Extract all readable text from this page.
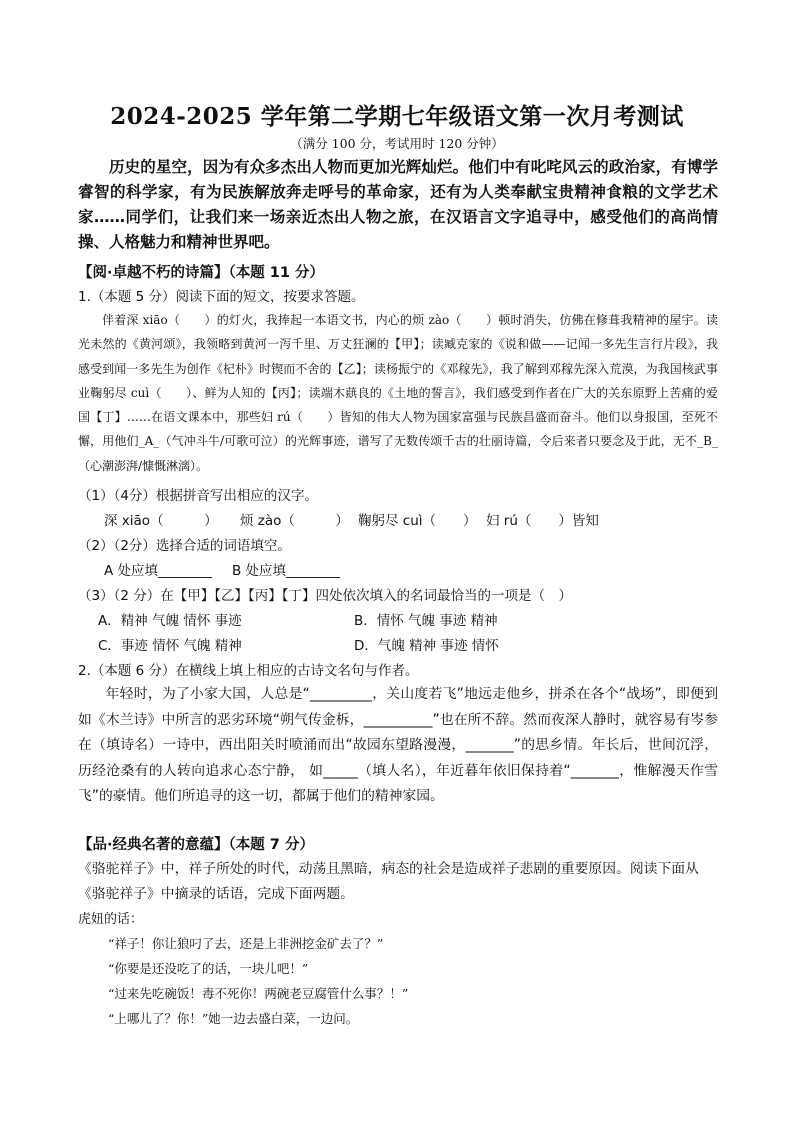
2024-2025 学年第二学期七年级语文第一次月考测试
（满分 100 分，考试用时 120 分钟）
历史的星空，因为有众多杰出人物而更加光辉灿烂。他们中有叱咤风云的政治家，有博学睿智的科学家，有为民族解放奔走呼号的革命家，还有为人类奉献宝贵精神食粮的文学艺术家……同学们，让我们来一场亲近杰出人物之旅，在汉语言文字追寻中，感受他们的高尚情操、人格魅力和精神世界吧。
【阅·卓越不朽的诗篇】（本题 11 分）
1.（本题 5 分）阅读下面的短文，按要求答题。
伴着深 xiāo（　　）的灯火，我捧起一本语文书，内心的烦 zào（　　）顿时消失，仿佛在修葺我精神的屋宇。读光未然的《黄河颂》，我领略到黄河一泻千里、万丈狂澜的【甲】；读臧克家的《说和做——记闻一多先生言行片段》，我感受到闻一多先生为创作《杞朴》时锲而不舍的【乙】；读杨振宁的《邓稼先》，我了解到邓稼先深入荒漠，为我国核武事业鞠躬尽 cuì（　　）、鲜为人知的【丙】；读端木蕻良的《土地的誓言》，我们感受到作者在广大的关东原野上苦痛的爱国【丁】……在语文课本中，那些妇 rú（　　）皆知的伟大人物为国家富强与民族昌盛而奋斗。他们以身报国，至死不懈，用他们_A_（气冲斗牛/可歌可泣）的光辉事迹，谱写了无数传颂千古的壮丽诗篇，令后来者只要念及于此，无不_B_（心潮澎湃/慷慨淋漓）。
（1）（4分）根据拼音写出相应的汉字。
深 xiāo（　　　） 烦 zào（　　　） 鞠躬尽 cuì（　　） 妇 rú（　　）皆知
（2）（2分）选择合适的词语填空。
A 处应填________ B 处应填________
（3）（2 分）在【甲】【乙】【丙】【丁】四处依次填入的名词最恰当的一项是（　）
A．精神 气魄 情怀 事迹	B．情怀 气魄 事迹 精神
C．事迹 情怀 气魄 精神	D．气魄 精神 事迹 情怀
2.（本题 6 分）在横线上填上相应的古诗文名句与作者。
年轻时，为了小家大国，人总是“_________，关山度若飞”地远走他乡，拼杀在各个“战场”，即便到如《木兰诗》中所言的恶劣环境“朔气传金柝，__________”也在所不辞。然而夜深人静时，就容易有岑参在（填诗名）一诗中，西出阳关时喷涌而出“故园东望路漫漫，_______”的思乡情。年长后，世间沉浮，历经沧桑有的人转向追求心态宁静， 如_____（填人名），年近暮年依旧保持着“_______，惟解漫天作雪飞”的豪情。他们所追寻的这一切，都属于他们的精神家园。
【品·经典名著的意蕴】（本题 7 分）
《骆驼祥子》中，祥子所处的时代，动荡且黑暗，病态的社会是造成祥子悲剧的重要原因。阅读下面从《骆驼祥子》中摘录的话语，完成下面两题。
虎妞的话：
“祥子！你让狼叼了去，还是上非洲挖金矿去了？”
“你要是还没吃了的话，一块儿吧！”
“过来先吃碗饭！毒不死你！两碗老豆腐管什么事？！”
“上哪儿了？你！”她一边去盛白菜，一边问。
